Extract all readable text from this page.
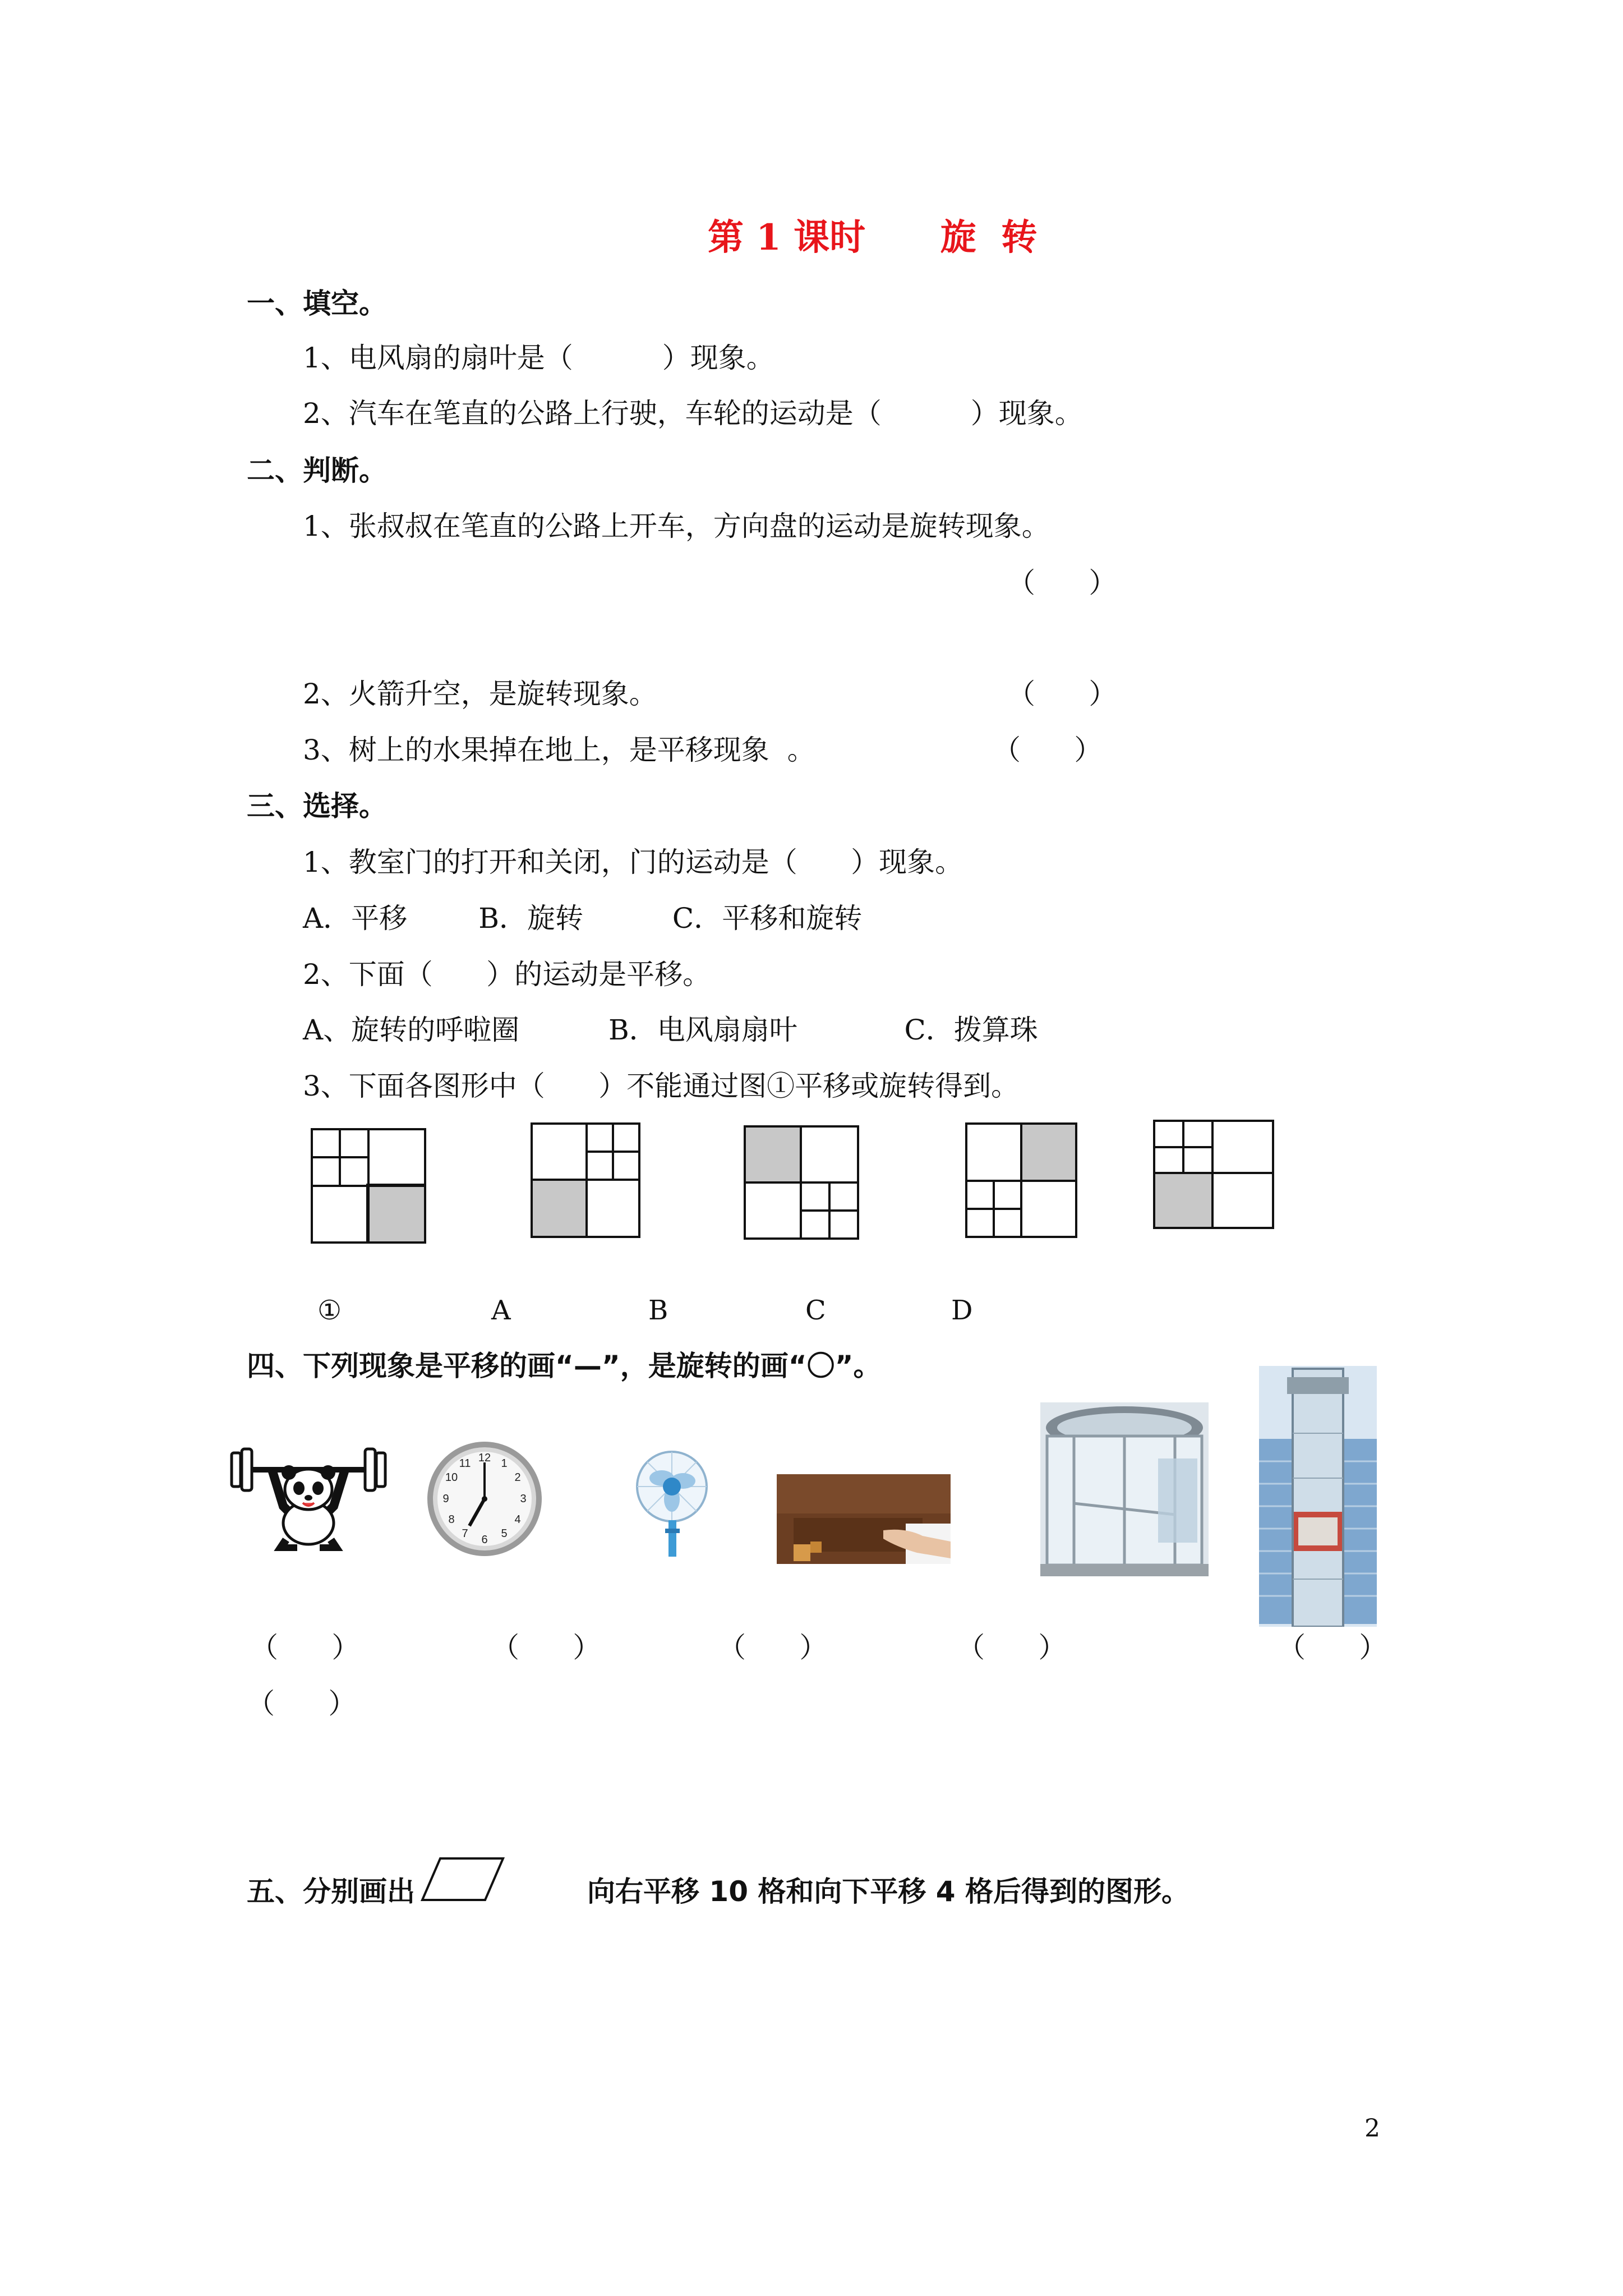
第 1 课时      旋  转
一、填空。
1、电风扇的扇叶是（          ）现象。
2、汽车在笔直的公路上行驶，车轮的运动是（          ）现象。
二、判断。
1、张叔叔在笔直的公路上开车，方向盘的运动是旋转现象。
（      ）
2、火箭升空，是旋转现象。	（      ）
3、树上的水果掉在地上，是平移现象  。	（      ）
三、选择。
1、教室门的打开和关闭，门的运动是（      ）现象。
A．平移        B．旋转          C．平移和旋转
2、下面（      ）的运动是平移。
A、旋转的呼啦圈          B．电风扇扇叶            C．拨算珠
3、下面各图形中（      ）不能通过图①平移或旋转得到。
①	A	B	C	D
四、下列现象是平移的画“—”，是旋转的画“〇”。
12 1
2
3
4
5
6
7
8
9
10
11
（      ）	（      ）	（      ）	（      ）	（      ）
（      ）
五、分别画出	向右平移 10 格和向下平移 4 格后得到的图形。
2
